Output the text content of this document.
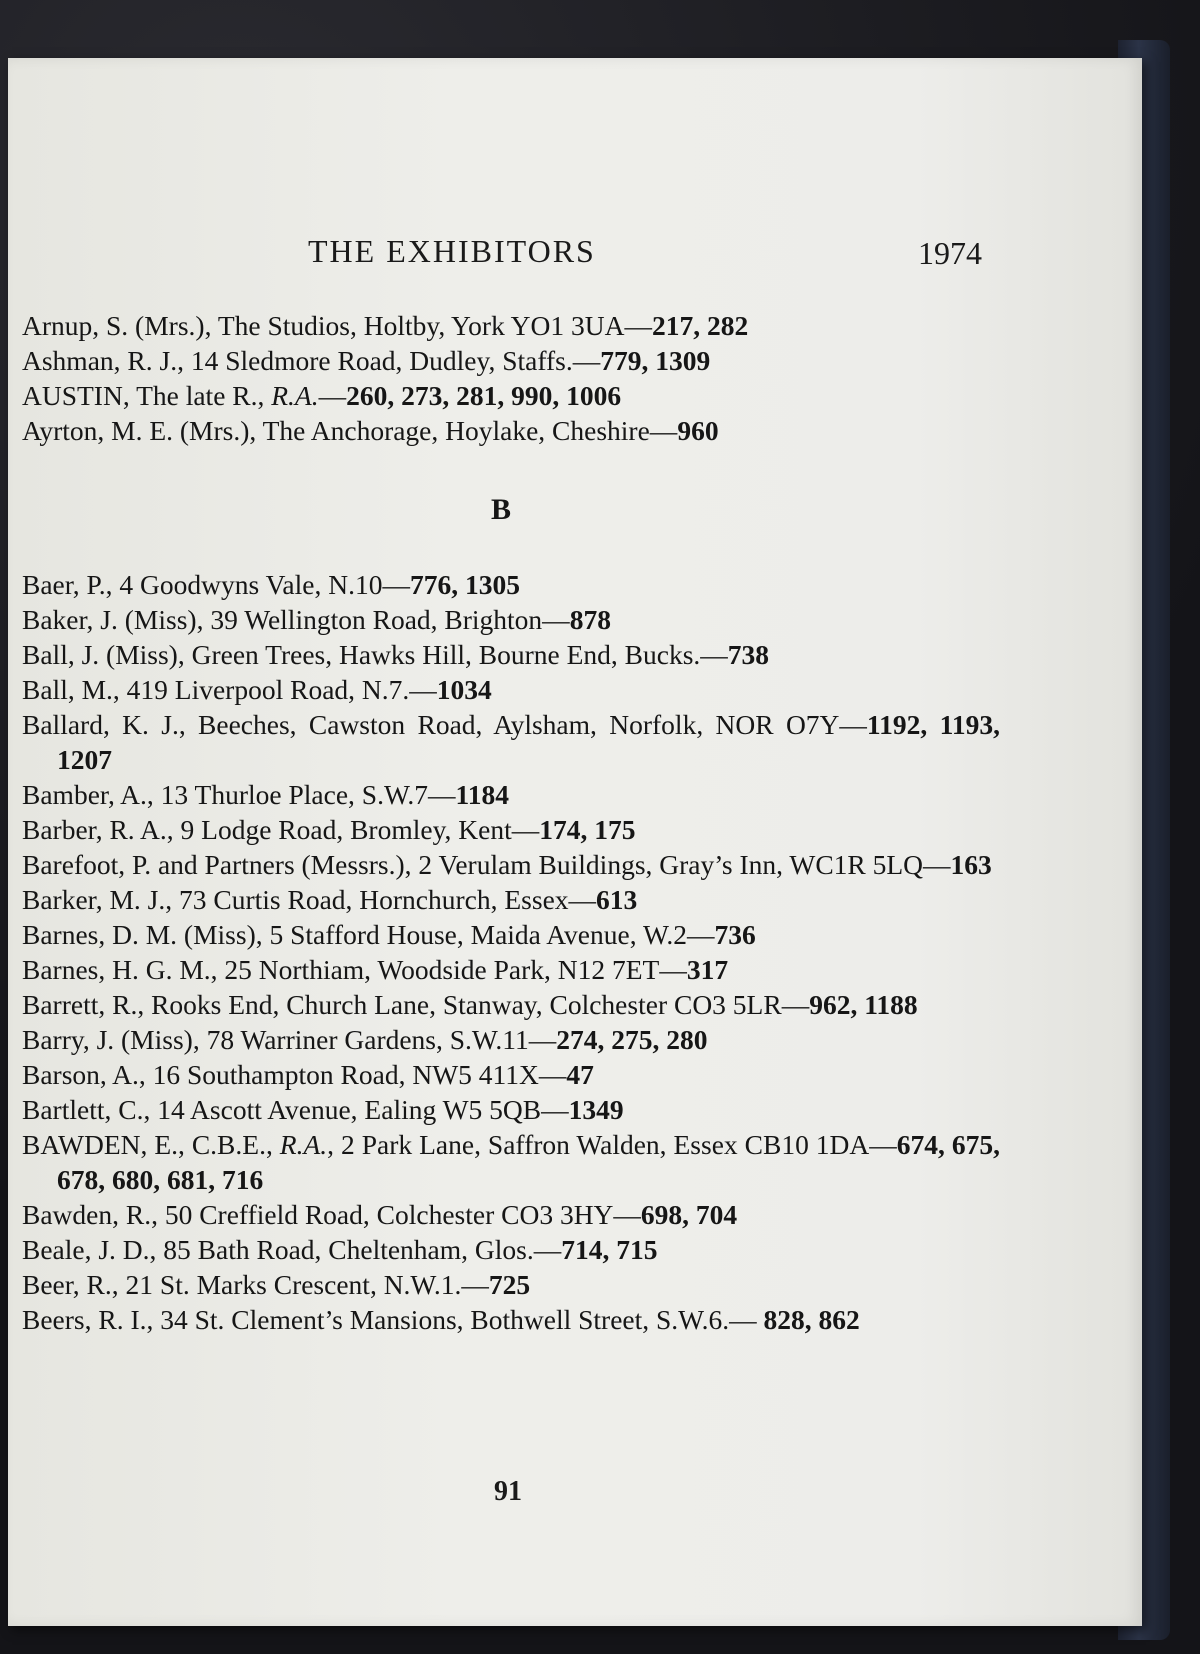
THE EXHIBITORS	1974

Arnup, S. (Mrs.), The Studios, Holtby, York YO1 3UA—217, 282

Ashman, R. J., 14 Sledmore Road, Dudley, Staffs.—779, 1309

AUSTIN, The late R., R.A.—260, 273, 281, 990, 1006

Ayrton, M. E. (Mrs.), The Anchorage, Hoylake, Cheshire—960

B

Baer, P., 4 Goodwyns Vale, N.10—776, 1305

Baker, J. (Miss), 39 Wellington Road, Brighton—878

Ball, J. (Miss), Green Trees, Hawks Hill, Bourne End, Bucks.—738

Ball, M., 419 Liverpool Road, N.7.—1034

Ballard, K. J., Beeches, Cawston Road, Aylsham, Norfolk, NOR O7Y—1192, 1193, 1207

Bamber, A., 13 Thurloe Place, S.W.7—1184

Barber, R. A., 9 Lodge Road, Bromley, Kent—174, 175

Barefoot, P. and Partners (Messrs.), 2 Verulam Buildings, Gray’s Inn, WC1R 5LQ—163

Barker, M. J., 73 Curtis Road, Hornchurch, Essex—613

Barnes, D. M. (Miss), 5 Stafford House, Maida Avenue, W.2—736

Barnes, H. G. M., 25 Northiam, Woodside Park, N12 7ET—317

Barrett, R., Rooks End, Church Lane, Stanway, Colchester CO3 5LR—962, 1188

Barry, J. (Miss), 78 Warriner Gardens, S.W.11—274, 275, 280

Barson, A., 16 Southampton Road, NW5 411X—47

Bartlett, C., 14 Ascott Avenue, Ealing W5 5QB—1349

BAWDEN, E., C.B.E., R.A., 2 Park Lane, Saffron Walden, Essex CB10 1DA—674, 675, 678, 680, 681, 716

Bawden, R., 50 Creffield Road, Colchester CO3 3HY—698, 704

Beale, J. D., 85 Bath Road, Cheltenham, Glos.—714, 715

Beer, R., 21 St. Marks Crescent, N.W.1.—725

Beers, R. I., 34 St. Clement’s Mansions, Bothwell Street, S.W.6.— 828, 862

91
